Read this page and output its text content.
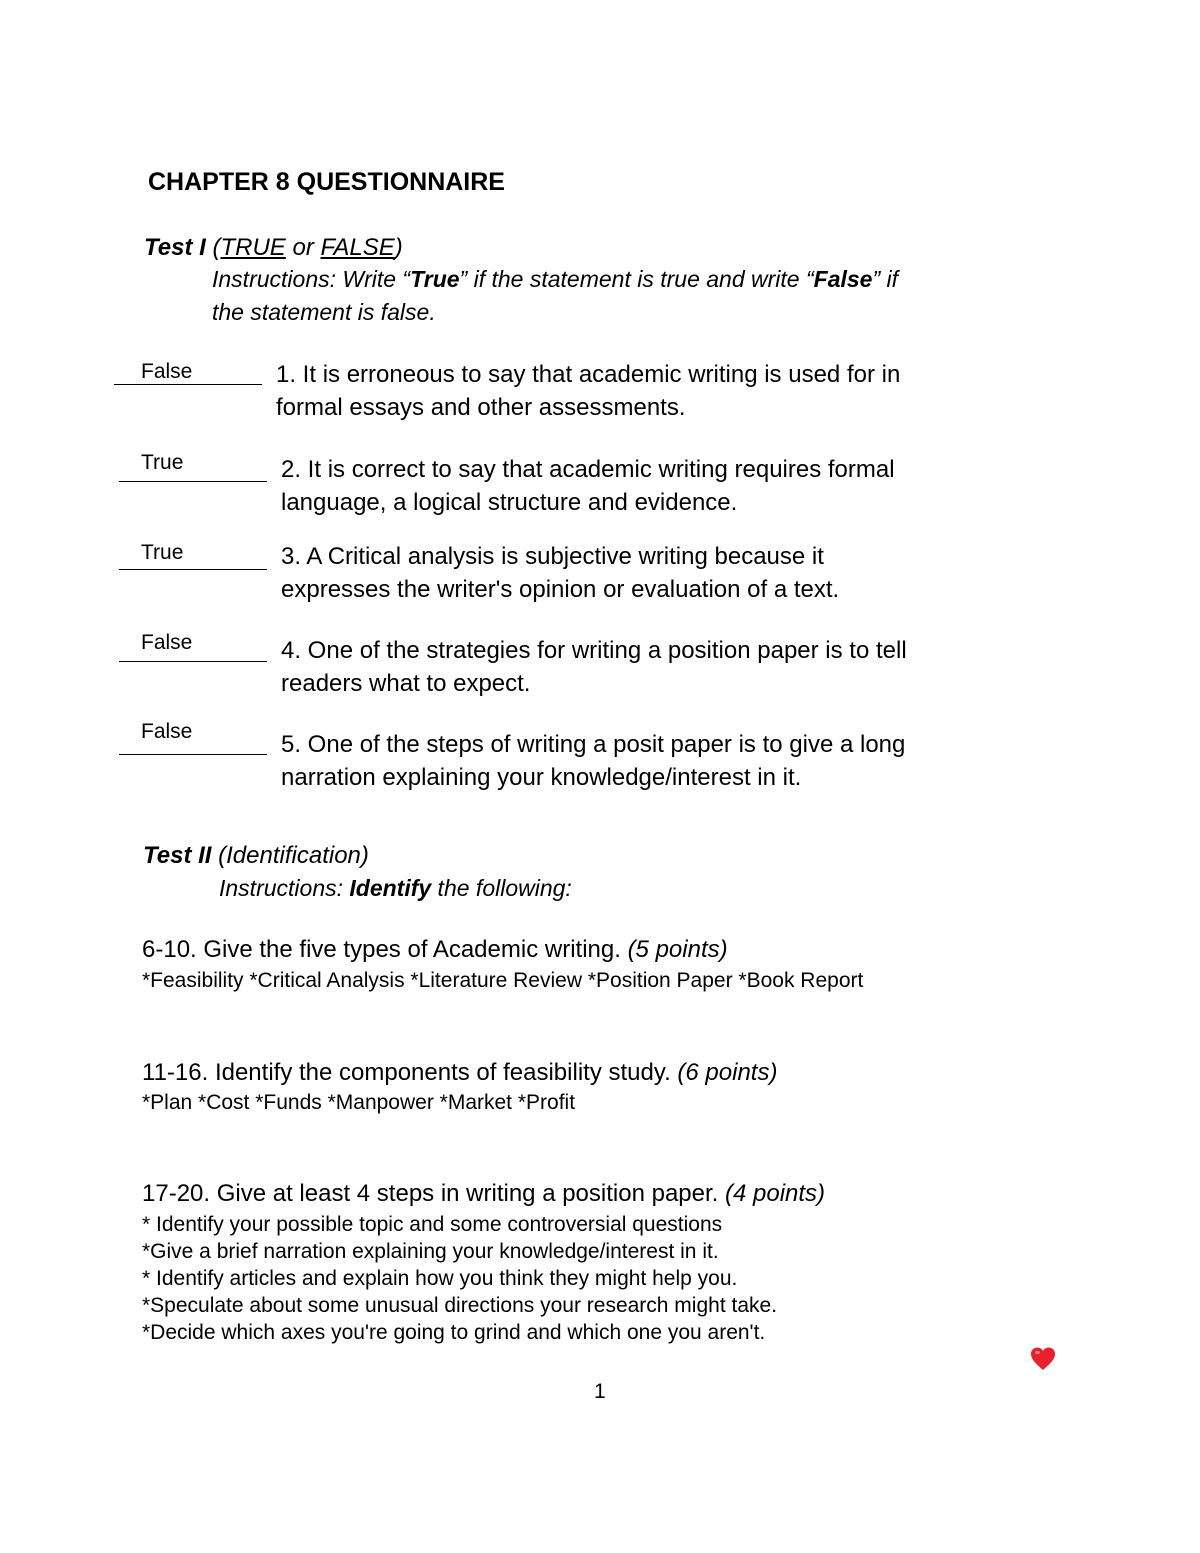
CHAPTER 8 QUESTIONNAIRE
Test I (TRUE or FALSE)
Instructions: Write “True” if the statement is true and write “False” if
the statement is false.
False	1. It is erroneous to say that academic writing is used for in
formal essays and other assessments.
True	2. It is correct to say that academic writing requires formal
language, a logical structure and evidence.
True	3. A Critical analysis is subjective writing because it
expresses the writer's opinion or evaluation of a text.
False	4. One of the strategies for writing a position paper is to tell
readers what to expect.
False	5. One of the steps of writing a posit paper is to give a long
narration explaining your knowledge/interest in it.
Test II (Identification)
Instructions: Identify the following:
6-10. Give the five types of Academic writing. (5 points)
*Feasibility *Critical Analysis *Literature Review *Position Paper *Book Report
11-16. Identify the components of feasibility study. (6 points)
*Plan *Cost *Funds *Manpower *Market *Profit
17-20. Give at least 4 steps in writing a position paper. (4 points)
* Identify your possible topic and some controversial questions
*Give a brief narration explaining your knowledge/interest in it.
* Identify articles and explain how you think they might help you.
*Speculate about some unusual directions your research might take.
*Decide which axes you're going to grind and which one you aren't.
1
